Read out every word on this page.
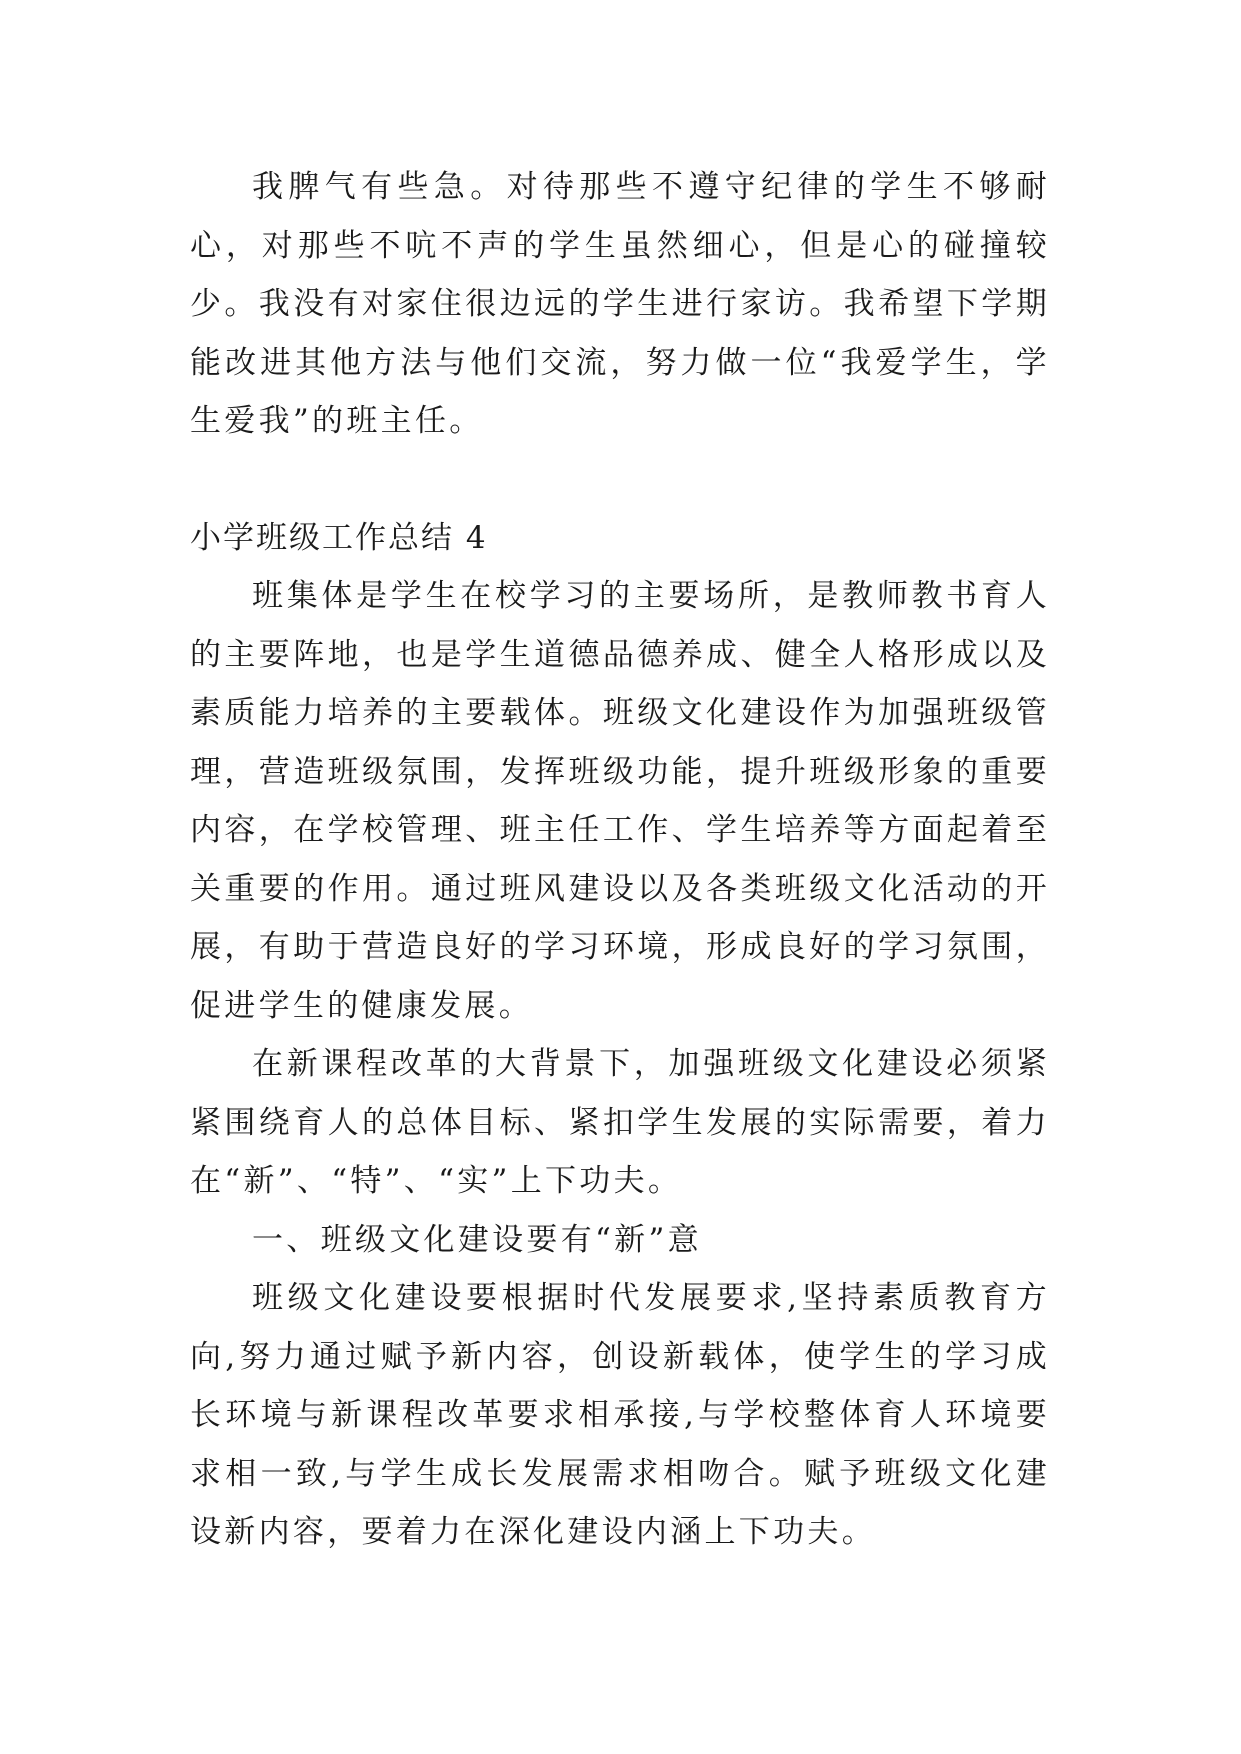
我脾气有些急。对待那些不遵守纪律的学生不够耐心，对那些不吭不声的学生虽然细心，但是心的碰撞较少。我没有对家住很边远的学生进行家访。我希望下学期能改进其他方法与他们交流，努力做一位“我爱学生，学生爱我”的班主任。

小学班级工作总结 4

班集体是学生在校学习的主要场所，是教师教书育人的主要阵地，也是学生道德品德养成、健全人格形成以及素质能力培养的主要载体。班级文化建设作为加强班级管理，营造班级氛围，发挥班级功能，提升班级形象的重要内容，在学校管理、班主任工作、学生培养等方面起着至关重要的作用。通过班风建设以及各类班级文化活动的开展，有助于营造良好的学习环境，形成良好的学习氛围，促进学生的健康发展。

在新课程改革的大背景下，加强班级文化建设必须紧紧围绕育人的总体目标、紧扣学生发展的实际需要，着力在“新”、“特”、“实”上下功夫。

一、班级文化建设要有“新”意

班级文化建设要根据时代发展要求,坚持素质教育方向,努力通过赋予新内容，创设新载体，使学生的学习成长环境与新课程改革要求相承接,与学校整体育人环境要求相一致,与学生成长发展需求相吻合。赋予班级文化建设新内容，要着力在深化建设内涵上下功夫。
